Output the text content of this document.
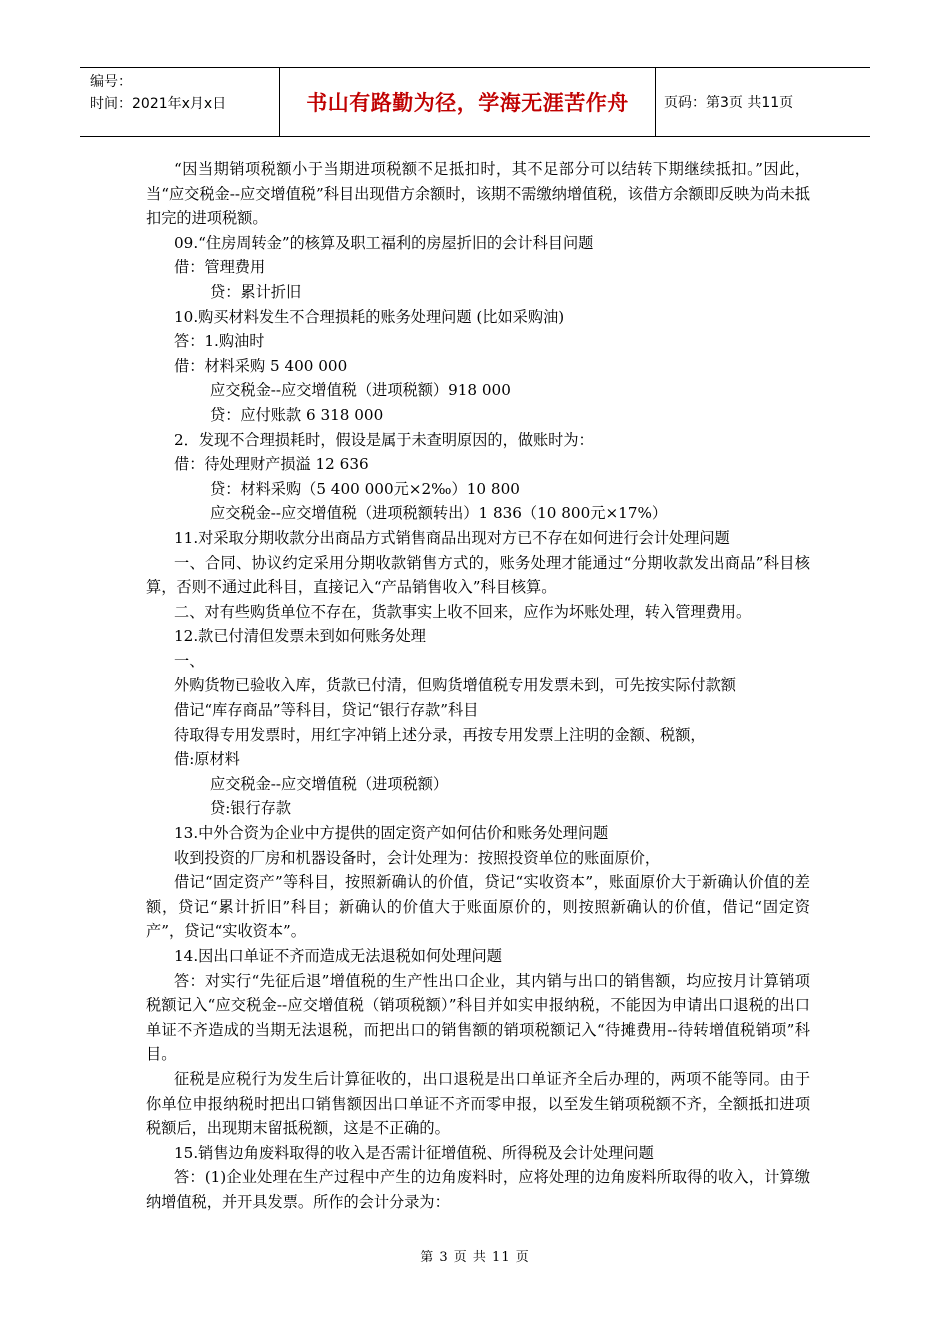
编号：
时间：2021年x月x日	书山有路勤为径，学海无涯苦作舟	页码：第3页 共11页

“因当期销项税额小于当期进项税额不足抵扣时，其不足部分可以结转下期继续抵扣。”因此，当“应交税金--应交增值税”科目出现借方余额时，该期不需缴纳增值税，该借方余额即反映为尚未抵扣完的进项税额。

09.“住房周转金”的核算及职工福利的房屋折旧的会计科目问题

借：管理费用

贷：累计折旧

10.购买材料发生不合理损耗的账务处理问题 (比如采购油)

答：1.购油时

借：材料采购 5 400 000

应交税金--应交增值税（进项税额）918 000

贷：应付账款 6 318 000

2．发现不合理损耗时，假设是属于未查明原因的，做账时为：

借：待处理财产损溢 12 636

贷：材料采购（5 400 000元×2‰）10 800

应交税金--应交增值税（进项税额转出）1 836（10 800元×17%）

11.对采取分期收款分出商品方式销售商品出现对方已不存在如何进行会计处理问题

一、合同、协议约定采用分期收款销售方式的，账务处理才能通过“分期收款发出商品”科目核算，否则不通过此科目，直接记入“产品销售收入”科目核算。

二、对有些购货单位不存在，货款事实上收不回来，应作为坏账处理，转入管理费用。

12.款已付清但发票未到如何账务处理

一、

外购货物已验收入库，货款已付清，但购货增值税专用发票未到，可先按实际付款额

借记“库存商品”等科目，贷记“银行存款”科目

待取得专用发票时，用红字冲销上述分录，再按专用发票上注明的金额、税额，

借:原材料

应交税金--应交增值税（进项税额）

贷:银行存款

13.中外合资为企业中方提供的固定资产如何估价和账务处理问题

收到投资的厂房和机器设备时，会计处理为：按照投资单位的账面原价，

借记“固定资产”等科目，按照新确认的价值，贷记“实收资本”，账面原价大于新确认价值的差额，贷记“累计折旧”科目；新确认的价值大于账面原价的，则按照新确认的价值，借记“固定资产”，贷记“实收资本”。

14.因出口单证不齐而造成无法退税如何处理问题

答：对实行“先征后退”增值税的生产性出口企业，其内销与出口的销售额，均应按月计算销项税额记入“应交税金--应交增值税（销项税额）”科目并如实申报纳税，不能因为申请出口退税的出口单证不齐造成的当期无法退税，而把出口的销售额的销项税额记入“待摊费用--待转增值税销项”科目。

征税是应税行为发生后计算征收的，出口退税是出口单证齐全后办理的，两项不能等同。由于你单位申报纳税时把出口销售额因出口单证不齐而零申报，以至发生销项税额不齐，全额抵扣进项税额后，出现期末留抵税额，这是不正确的。

15.销售边角废料取得的收入是否需计征增值税、所得税及会计处理问题

答：(1)企业处理在生产过程中产生的边角废料时，应将处理的边角废料所取得的收入，计算缴纳增值税，并开具发票。所作的会计分录为：

第 3 页 共 11 页
